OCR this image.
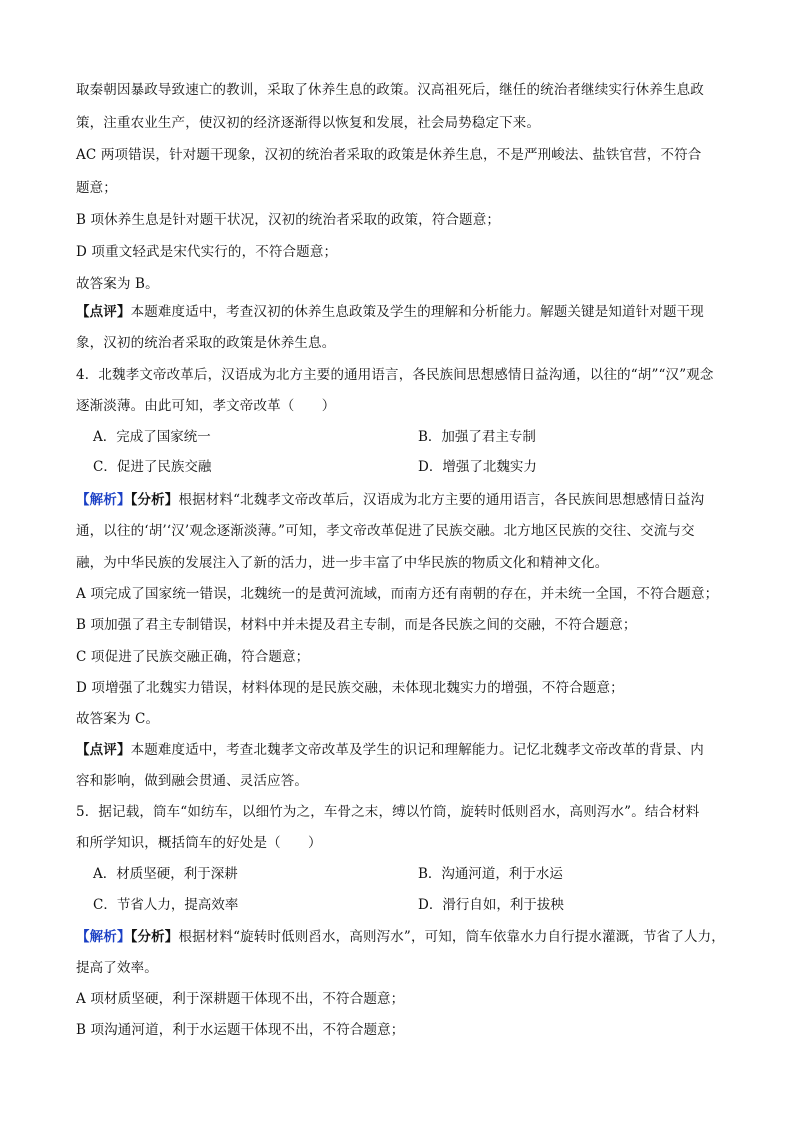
取秦朝因暴政导致速亡的教训，采取了休养生息的政策。汉高祖死后，继任的统治者继续实行休养生息政
策，注重农业生产，使汉初的经济逐渐得以恢复和发展，社会局势稳定下来。
AC 两项错误，针对题干现象，汉初的统治者采取的政策是休养生息，不是严刑峻法、盐铁官营，不符合
题意；
B 项休养生息是针对题干状况，汉初的统治者采取的政策，符合题意；
D 项重文轻武是宋代实行的，不符合题意；
故答案为 B。
【点评】本题难度适中，考查汉初的休养生息政策及学生的理解和分析能力。解题关键是知道针对题干现
象，汉初的统治者采取的政策是休养生息。
4．北魏孝文帝改革后，汉语成为北方主要的通用语言，各民族间思想感情日益沟通，以往的“胡”“汉”观念
逐渐淡薄。由此可知，孝文帝改革（　　）
A．完成了国家统一	B．加强了君主专制
C．促进了民族交融	D．增强了北魏实力
【解析】【分析】根据材料“北魏孝文帝改革后，汉语成为北方主要的通用语言，各民族间思想感情日益沟
通，以往的‘胡’‘汉’观念逐渐淡薄。”可知，孝文帝改革促进了民族交融。北方地区民族的交往、交流与交
融，为中华民族的发展注入了新的活力，进一步丰富了中华民族的物质文化和精神文化。
A 项完成了国家统一错误，北魏统一的是黄河流域，而南方还有南朝的存在，并未统一全国，不符合题意；
B 项加强了君主专制错误，材料中并未提及君主专制，而是各民族之间的交融，不符合题意；
C 项促进了民族交融正确，符合题意；
D 项增强了北魏实力错误，材料体现的是民族交融，未体现北魏实力的增强，不符合题意；
故答案为 C。
【点评】本题难度适中，考查北魏孝文帝改革及学生的识记和理解能力。记忆北魏孝文帝改革的背景、内
容和影响，做到融会贯通、灵活应答。
5．据记载，筒车“如纺车，以细竹为之，车骨之末，缚以竹筒，旋转时低则舀水，高则泻水”。结合材料
和所学知识，概括筒车的好处是（　　）
A．材质坚硬，利于深耕	B．沟通河道，利于水运
C．节省人力，提高效率	D．滑行自如，利于拔秧
【解析】【分析】根据材料“旋转时低则舀水，高则泻水”，可知，筒车依靠水力自行提水灌溉，节省了人力，
提高了效率。
A 项材质坚硬，利于深耕题干体现不出，不符合题意；
B 项沟通河道，利于水运题干体现不出，不符合题意；
